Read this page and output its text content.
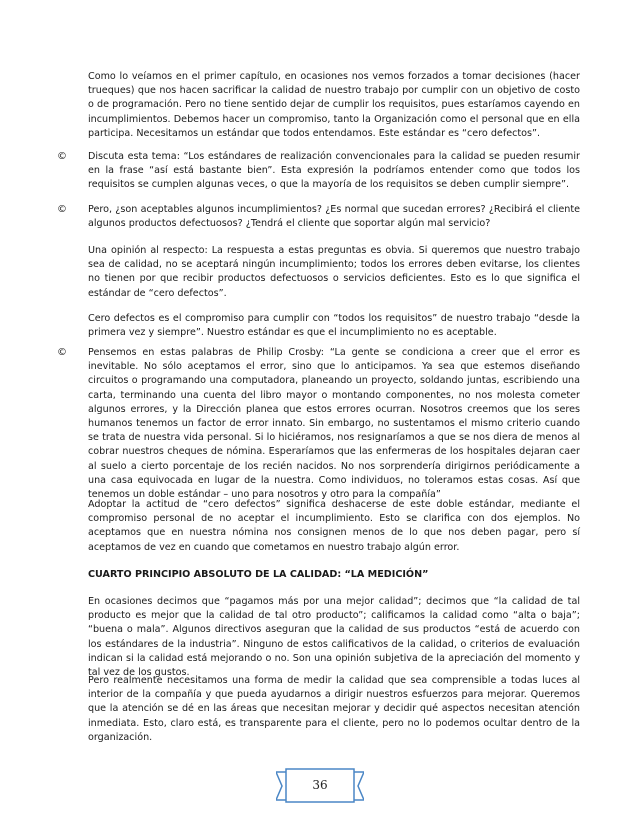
Como lo veíamos en el primer capítulo, en ocasiones nos vemos forzados a tomar decisiones (hacer trueques) que nos hacen sacrificar la calidad de nuestro trabajo por cumplir con un objetivo de costo o de programación. Pero no tiene sentido dejar de cumplir los requisitos, pues estaríamos cayendo en incumplimientos. Debemos hacer un compromiso, tanto la Organización como el personal que en ella participa. Necesitamos un estándar que todos entendamos. Este estándar es “cero defectos”.
© Discuta esta tema: “Los estándares de realización convencionales para la calidad se pueden resumir en la frase “así está bastante bien”. Esta expresión la podríamos entender como que todos los requisitos se cumplen algunas veces, o que la mayoría de los requisitos se deben cumplir siempre”.
© Pero, ¿son aceptables algunos incumplimientos? ¿Es normal que sucedan errores? ¿Recibirá el cliente algunos productos defectuosos? ¿Tendrá el cliente que soportar algún mal servicio?
Una opinión al respecto: La respuesta a estas preguntas es obvia. Si queremos que nuestro trabajo sea de calidad, no se aceptará ningún incumplimiento; todos los errores deben evitarse, los clientes no tienen por que recibir productos defectuosos o servicios deficientes. Esto es lo que significa el estándar de “cero defectos”.
Cero defectos es el compromiso para cumplir con “todos los requisitos” de nuestro trabajo “desde la primera vez y siempre”. Nuestro estándar es que el incumplimiento no es aceptable.
© Pensemos en estas palabras de Philip Crosby: “La gente se condiciona a creer que el error es inevitable. No sólo aceptamos el error, sino que lo anticipamos. Ya sea que estemos diseñando circuitos o programando una computadora, planeando un proyecto, soldando juntas, escribiendo una carta, terminando una cuenta del libro mayor o montando componentes, no nos molesta cometer algunos errores, y la Dirección planea que estos errores ocurran. Nosotros creemos que los seres humanos tenemos un factor de error innato. Sin embargo, no sustentamos el mismo criterio cuando se trata de nuestra vida personal. Si lo hiciéramos, nos resignaríamos a que se nos diera de menos al cobrar nuestros cheques de nómina. Esperaríamos que las enfermeras de los hospitales dejaran caer al suelo a cierto porcentaje de los recién nacidos. No nos sorprendería dirigirnos periódicamente a una casa equivocada en lugar de la nuestra. Como individuos, no toleramos estas cosas. Así que tenemos un doble estándar – uno para nosotros y otro para la compañía”
Adoptar la actitud de “cero defectos” significa deshacerse de este doble estándar, mediante el compromiso personal de no aceptar el incumplimiento. Esto se clarifica con dos ejemplos. No aceptamos que en nuestra nómina nos consignen menos de lo que nos deben pagar, pero sí aceptamos de vez en cuando que cometamos en nuestro trabajo algún error.
CUARTO PRINCIPIO ABSOLUTO DE LA CALIDAD: “LA MEDICIÓN”
En ocasiones decimos que “pagamos más por una mejor calidad”; decimos que “la calidad de tal producto es mejor que la calidad de tal otro producto”; calificamos la calidad como “alta o baja”; “buena o mala”. Algunos directivos aseguran que la calidad de sus productos “está de acuerdo con los estándares de la industria”. Ninguno de estos calificativos de la calidad, o criterios de evaluación indican si la calidad está mejorando o no. Son una opinión subjetiva de la apreciación del momento y tal vez de los gustos.
Pero realmente necesitamos una forma de medir la calidad que sea comprensible a todas luces al interior de la compañía y que pueda ayudarnos a dirigir nuestros esfuerzos para mejorar. Queremos que la atención se dé en las áreas que necesitan mejorar y decidir qué aspectos necesitan atención inmediata. Esto, claro está, es transparente para el cliente, pero no lo podemos ocultar dentro de la organización.
36
